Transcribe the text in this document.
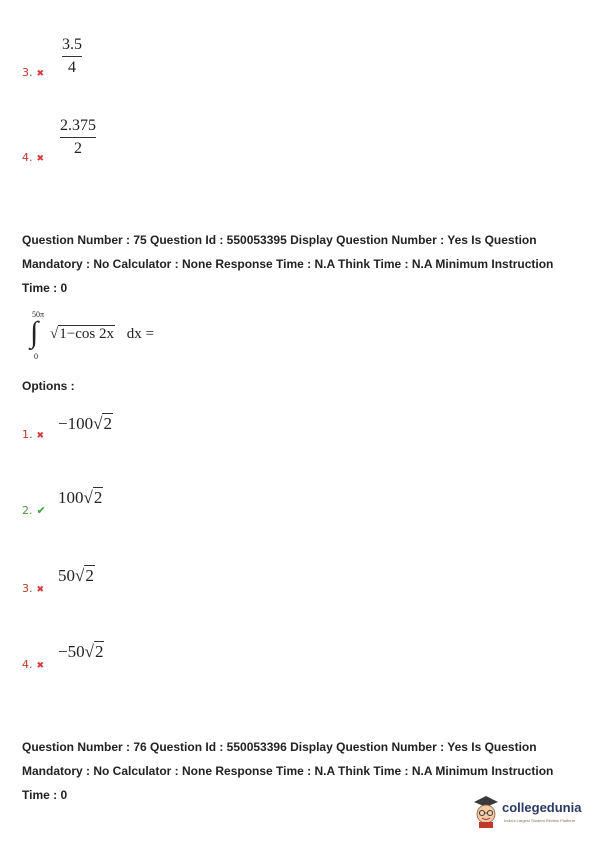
3. ✖
3.5
4
4. ✖
2.375
2
Question Number : 75 Question Id : 550053395 Display Question Number : Yes Is Question Mandatory : No Calculator : None Response Time : N.A Think Time : N.A Minimum Instruction Time : 0
50π
∫
0
√1−cos 2x dx =
Options :
1. ✖
−100√2
2. ✔
100√2
3. ✖
50√2
4. ✖
−50√2
Question Number : 76 Question Id : 550053396 Display Question Number : Yes Is Question Mandatory : No Calculator : None Response Time : N.A Think Time : N.A Minimum Instruction Time : 0
collegedunia
India's Largest Student Review Platform
